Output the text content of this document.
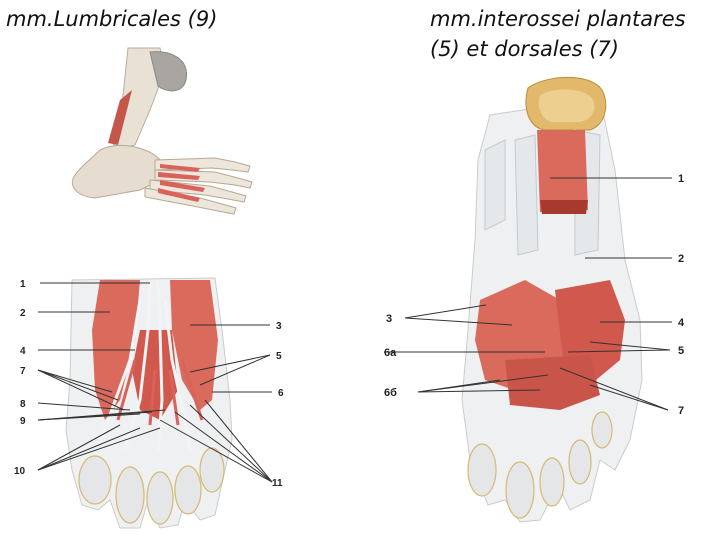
mm.Lumbricales (9)	mm.interossei plantares
(5) et dorsales (7)
1
2
3
4	5
6
7
8
9
10
11
1
2
3	4
5
6a
6б
7
